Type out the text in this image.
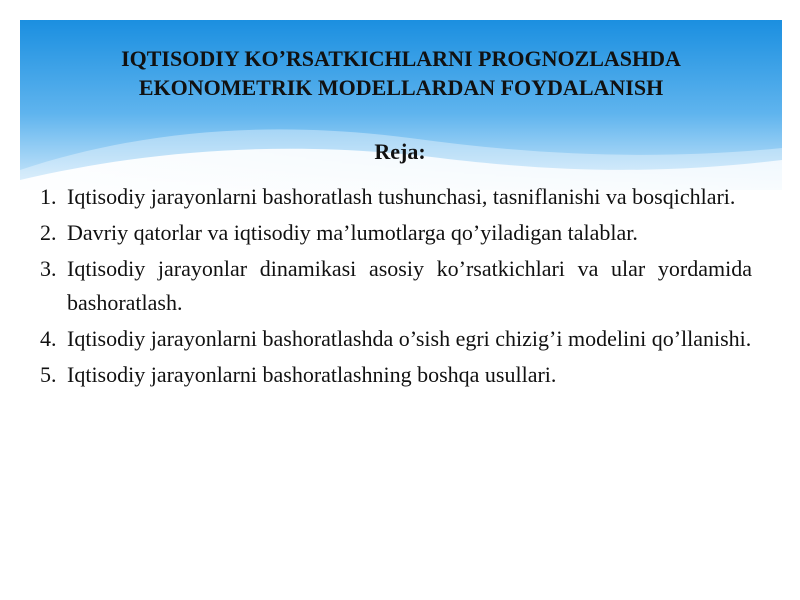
IQTISODIY KOʼRSATKICHLARNI PROGNOZLASHDA
EKONOMETRIK MODELLARDAN FOYDALANISH
Reja:
1. Iqtisodiy jarayonlarni bashoratlash tushunchasi, tasniflanishi va bosqichlari.
2. Davriy qatorlar va iqtisodiy ma’lumotlarga qo’yiladigan talablar.
3. Iqtisodiy jarayonlar dinamikasi asosiy ko’rsatkichlari va ular yordamida bashoratlash.
4. Iqtisodiy jarayonlarni bashoratlashda o’sish egri chizig’i modelini qo’llanishi.
5. Iqtisodiy jarayonlarni bashoratlashning boshqa usullari.
